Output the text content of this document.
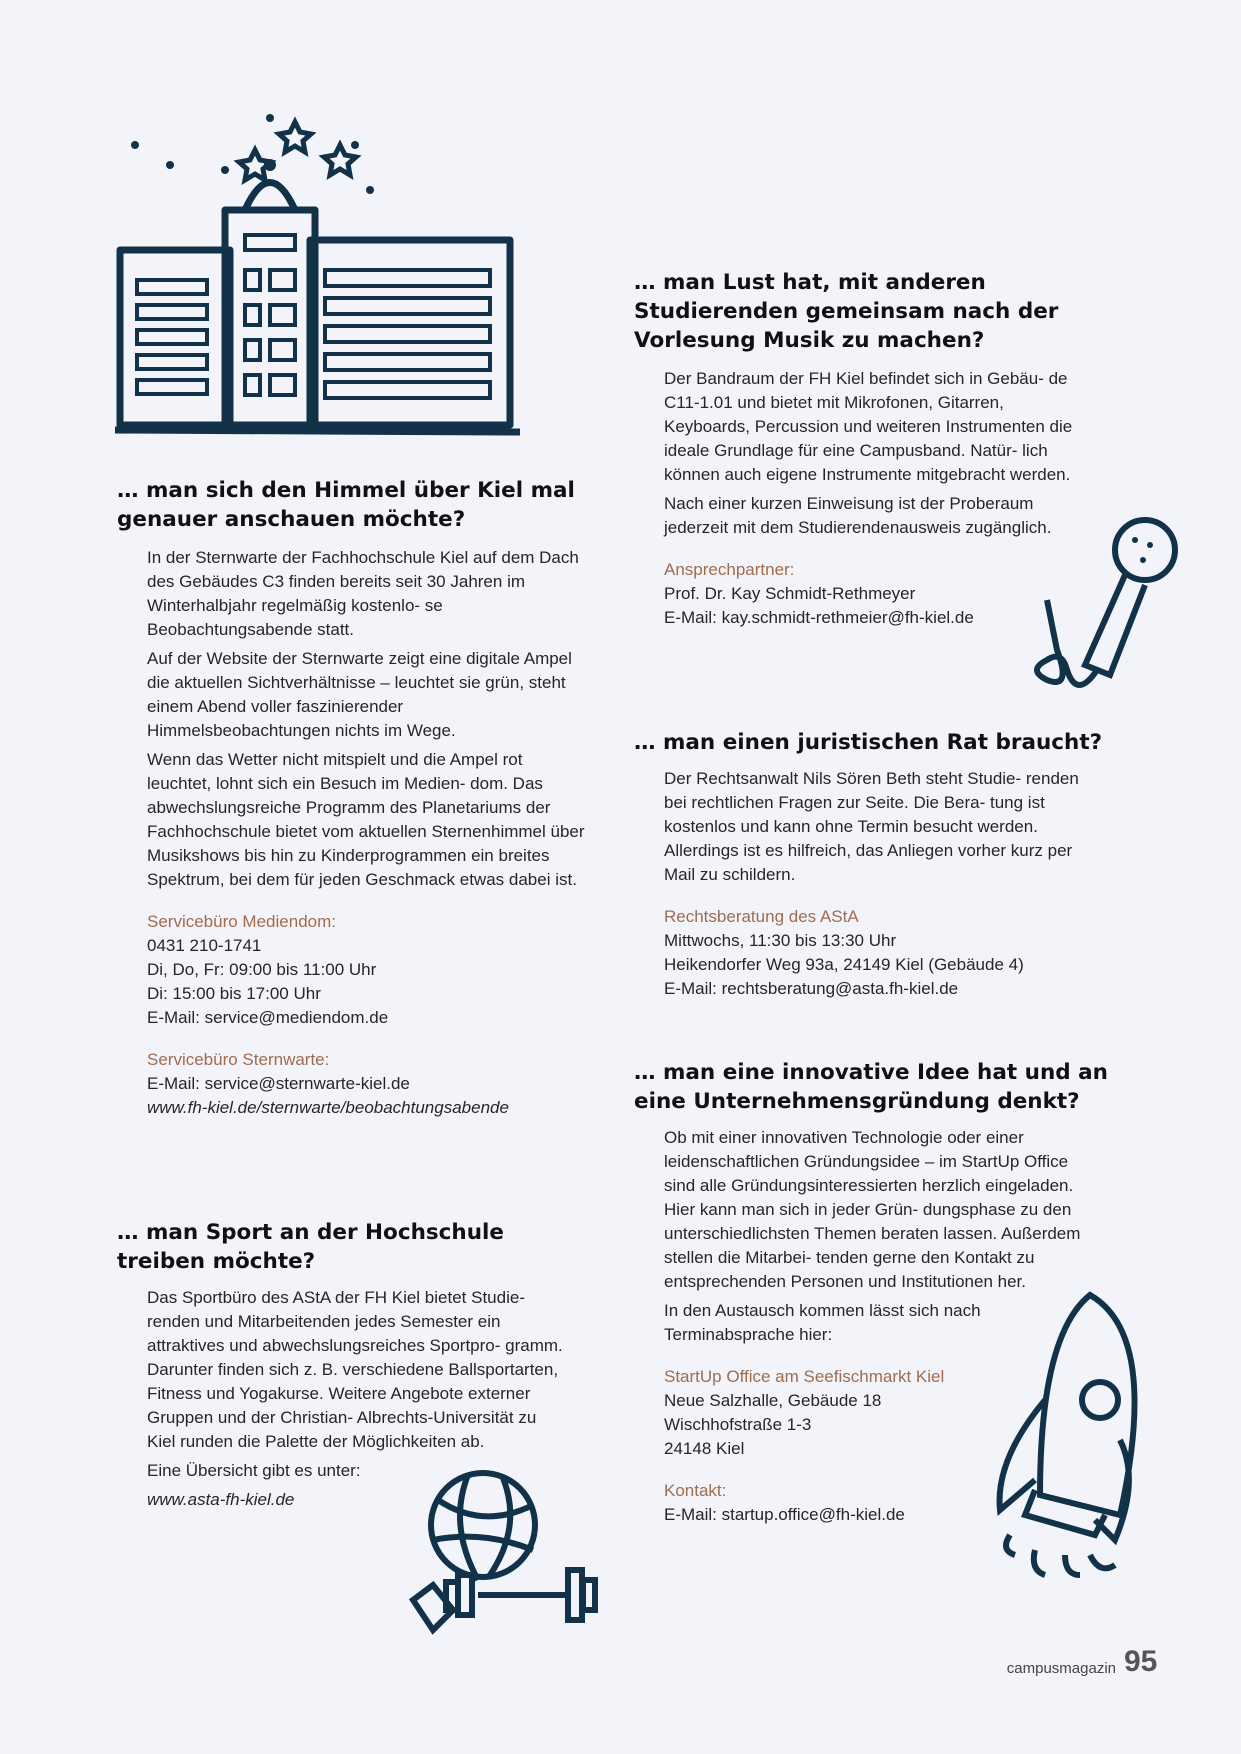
… man sich den Himmel über Kiel mal genauer anschauen möchte?

In der Sternwarte der Fachhochschule Kiel auf dem Dach des Gebäudes C3 finden bereits seit 30 Jahren im Winterhalbjahr regelmäßig kostenlo- se Beobachtungsabende statt.

Auf der Website der Sternwarte zeigt eine digitale Ampel die aktuellen Sichtverhältnisse – leuchtet sie grün, steht einem Abend voller faszinierender Himmelsbeobachtungen nichts im Wege.

Wenn das Wetter nicht mitspielt und die Ampel rot leuchtet, lohnt sich ein Besuch im Medien- dom. Das abwechslungsreiche Programm des Planetariums der Fachhochschule bietet vom aktuellen Sternenhimmel über Musikshows bis hin zu Kinderprogrammen ein breites Spektrum, bei dem für jeden Geschmack etwas dabei ist.

Servicebüro Mediendom:
0431 210-1741
Di, Do, Fr: 09:00 bis 11:00 Uhr
Di: 15:00 bis 17:00 Uhr
E-Mail: service@mediendom.de
Servicebüro Sternwarte:
E-Mail: service@sternwarte-kiel.de
www.fh-kiel.de/sternwarte/beobachtungsabende
… man Sport an der Hochschule treiben möchte?

Das Sportbüro des AStA der FH Kiel bietet Studie- renden und Mitarbeitenden jedes Semester ein attraktives und abwechslungsreiches Sportpro- gramm. Darunter finden sich z. B. verschiedene Ballsportarten, Fitness und Yogakurse. Weitere Angebote externer Gruppen und der Christian- Albrechts-Universität zu Kiel runden die Palette der Möglichkeiten ab.

Eine Übersicht gibt es unter:

www.asta-fh-kiel.de
… man Lust hat, mit anderen Studierenden gemeinsam nach der Vorlesung Musik zu machen?

Der Bandraum der FH Kiel befindet sich in Gebäu- de C11-1.01 und bietet mit Mikrofonen, Gitarren, Keyboards, Percussion und weiteren Instrumenten die ideale Grundlage für eine Campusband. Natür- lich können auch eigene Instrumente mitgebracht werden.

Nach einer kurzen Einweisung ist der Proberaum jederzeit mit dem Studierendenausweis zugänglich.

Ansprechpartner:
Prof. Dr. Kay Schmidt-Rethmeyer
E-Mail: kay.schmidt-rethmeier@fh-kiel.de
… man einen juristischen Rat braucht?

Der Rechtsanwalt Nils Sören Beth steht Studie- renden bei rechtlichen Fragen zur Seite. Die Bera- tung ist kostenlos und kann ohne Termin besucht werden. Allerdings ist es hilfreich, das Anliegen vorher kurz per Mail zu schildern.

Rechtsberatung des AStA
Mittwochs, 11:30 bis 13:30 Uhr
Heikendorfer Weg 93a, 24149 Kiel (Gebäude 4)
E-Mail: rechtsberatung@asta.fh-kiel.de
… man eine innovative Idee hat und an eine Unternehmensgründung denkt?

Ob mit einer innovativen Technologie oder einer leidenschaftlichen Gründungsidee – im StartUp Office sind alle Gründungsinteressierten herzlich eingeladen. Hier kann man sich in jeder Grün- dungsphase zu den unterschiedlichsten Themen beraten lassen. Außerdem stellen die Mitarbei- tenden gerne den Kontakt zu entsprechenden Personen und Institutionen her.

In den Austausch kommen lässt sich nach Terminabsprache hier:

StartUp Office am Seefischmarkt Kiel
Neue Salzhalle, Gebäude 18
Wischhofstraße 1-3
24148 Kiel
Kontakt:
E-Mail: startup.office@fh-kiel.de
campusmagazin 95
